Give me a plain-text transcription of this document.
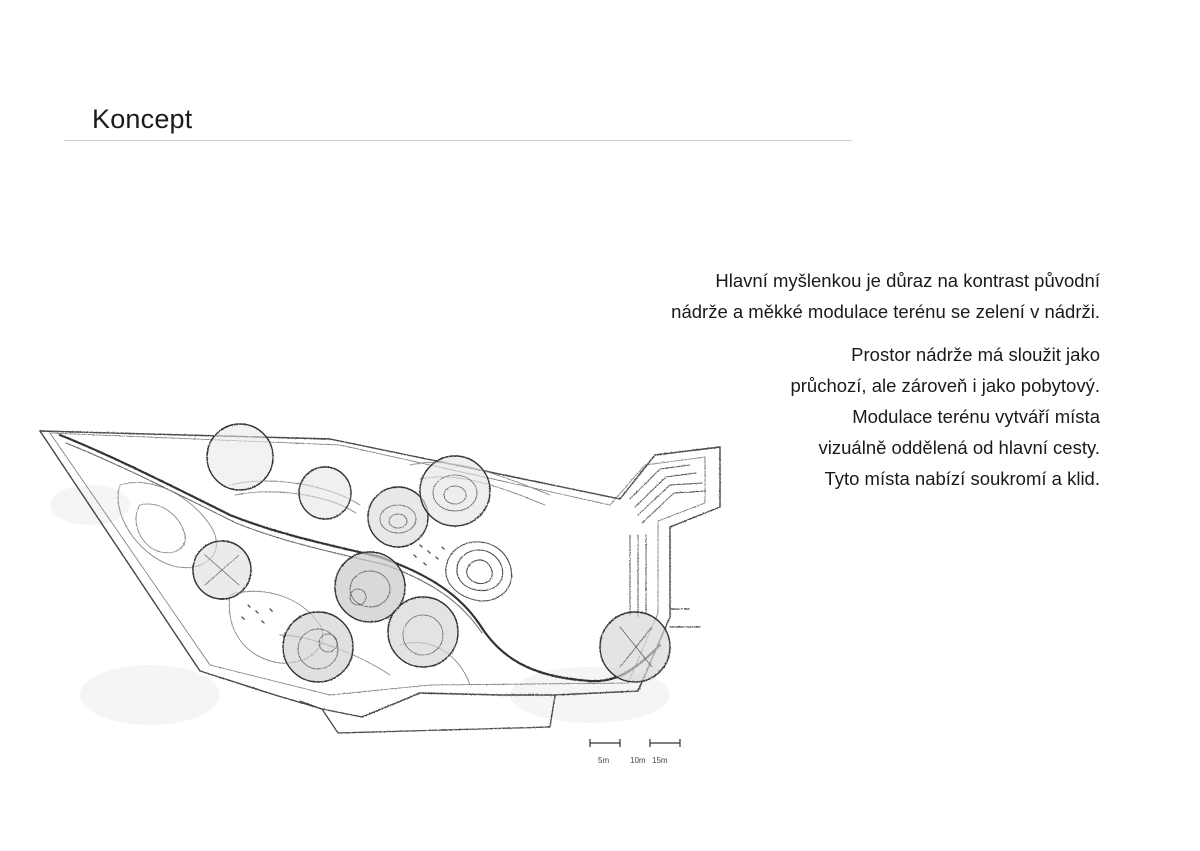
Koncept

Hlavní myšlenkou je důraz na kontrast původní
nádrže a měkké modulace terénu se zelení v nádrži.

Prostor nádrže má sloužit jako
průchozí, ale zároveň i jako pobytový.
Modulace terénu vytváří místa
vizuálně oddělená od hlavní cesty.
Tyto místa nabízí soukromí a klid.

5m	10m 15m
